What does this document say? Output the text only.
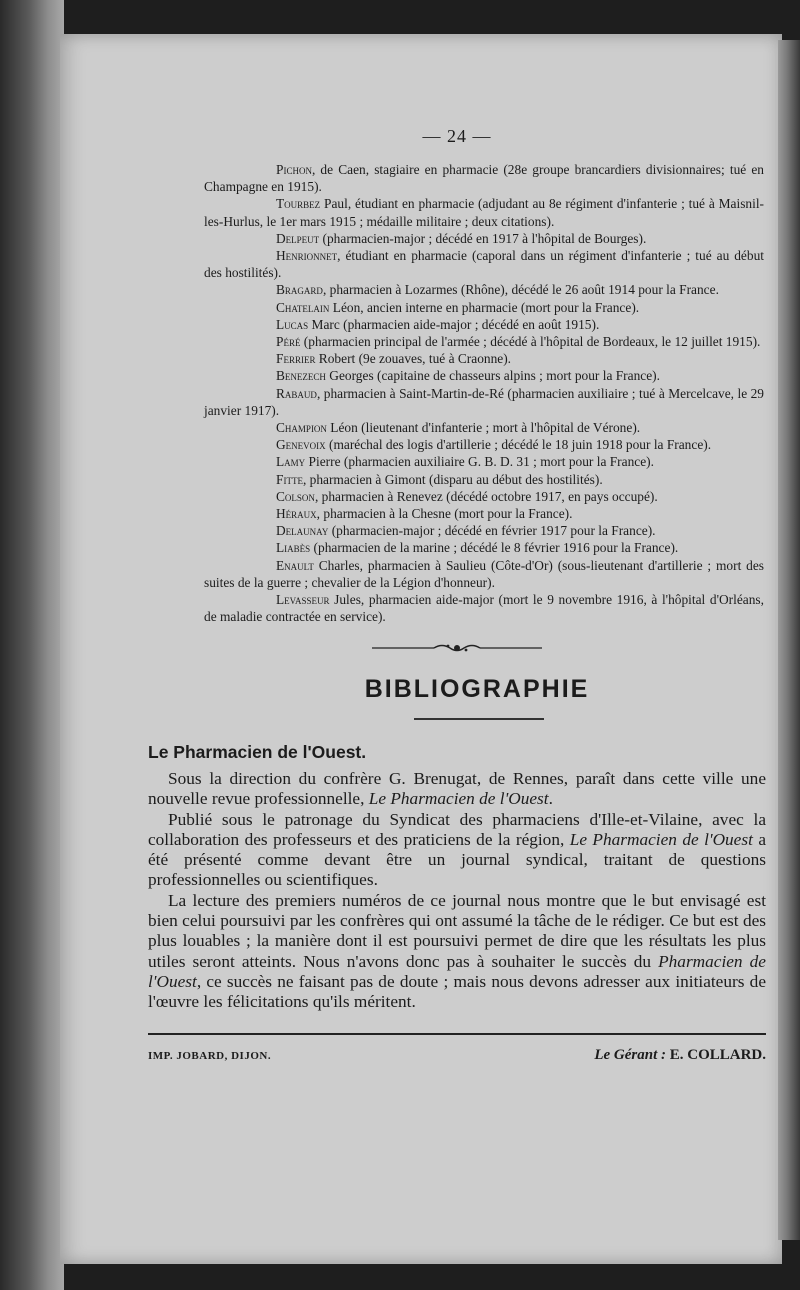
— 24 —
Pichon, de Caen, stagiaire en pharmacie (28e groupe brancardiers divisionnaires; tué en Champagne en 1915).
Tourbez Paul, étudiant en pharmacie (adjudant au 8e régiment d'infanterie ; tué à Maisnil-les-Hurlus, le 1er mars 1915 ; médaille militaire ; deux citations).
Delpeut (pharmacien-major ; décédé en 1917 à l'hôpital de Bourges).
Henrionnet, étudiant en pharmacie (caporal dans un régiment d'infanterie ; tué au début des hostilités).
Bragard, pharmacien à Lozarmes (Rhône), décédé le 26 août 1914 pour la France.
Chatelain Léon, ancien interne en pharmacie (mort pour la France).
Lucas Marc (pharmacien aide-major ; décédé en août 1915).
Péré (pharmacien principal de l'armée ; décédé à l'hôpital de Bordeaux, le 12 juillet 1915).
Ferrier Robert (9e zouaves, tué à Craonne).
Benezech Georges (capitaine de chasseurs alpins ; mort pour la France).
Rabaud, pharmacien à Saint-Martin-de-Ré (pharmacien auxiliaire ; tué à Mercelcave, le 29 janvier 1917).
Champion Léon (lieutenant d'infanterie ; mort à l'hôpital de Vérone).
Genevoix (maréchal des logis d'artillerie ; décédé le 18 juin 1918 pour la France).
Lamy Pierre (pharmacien auxiliaire G. B. D. 31 ; mort pour la France).
Fitte, pharmacien à Gimont (disparu au début des hostilités).
Colson, pharmacien à Renevez (décédé octobre 1917, en pays occupé).
Héraux, pharmacien à la Chesne (mort pour la France).
Delaunay (pharmacien-major ; décédé en février 1917 pour la France).
Liabès (pharmacien de la marine ; décédé le 8 février 1916 pour la France).
Enault Charles, pharmacien à Saulieu (Côte-d'Or) (sous-lieutenant d'artillerie ; mort des suites de la guerre ; chevalier de la Légion d'honneur).
Levasseur Jules, pharmacien aide-major (mort le 9 novembre 1916, à l'hôpital d'Orléans, de maladie contractée en service).
BIBLIOGRAPHIE
Le Pharmacien de l'Ouest.

Sous la direction du confrère G. Brenugat, de Rennes, paraît dans cette ville une nouvelle revue professionnelle, Le Pharmacien de l'Ouest.

Publié sous le patronage du Syndicat des pharmaciens d'Ille-et-Vilaine, avec la collaboration des professeurs et des praticiens de la région, Le Pharmacien de l'Ouest a été présenté comme devant être un journal syndical, traitant de questions professionnelles ou scientifiques.

La lecture des premiers numéros de ce journal nous montre que le but envisagé est bien celui poursuivi par les confrères qui ont assumé la tâche de le rédiger. Ce but est des plus louables ; la manière dont il est poursuivi permet de dire que les résultats les plus utiles seront atteints. Nous n'avons donc pas à souhaiter le succès du Pharmacien de l'Ouest, ce succès ne faisant pas de doute ; mais nous devons adresser aux initiateurs de l'œuvre les félicitations qu'ils méritent.

IMP. JOBARD, DIJON.	Le Gérant : E. COLLARD.
